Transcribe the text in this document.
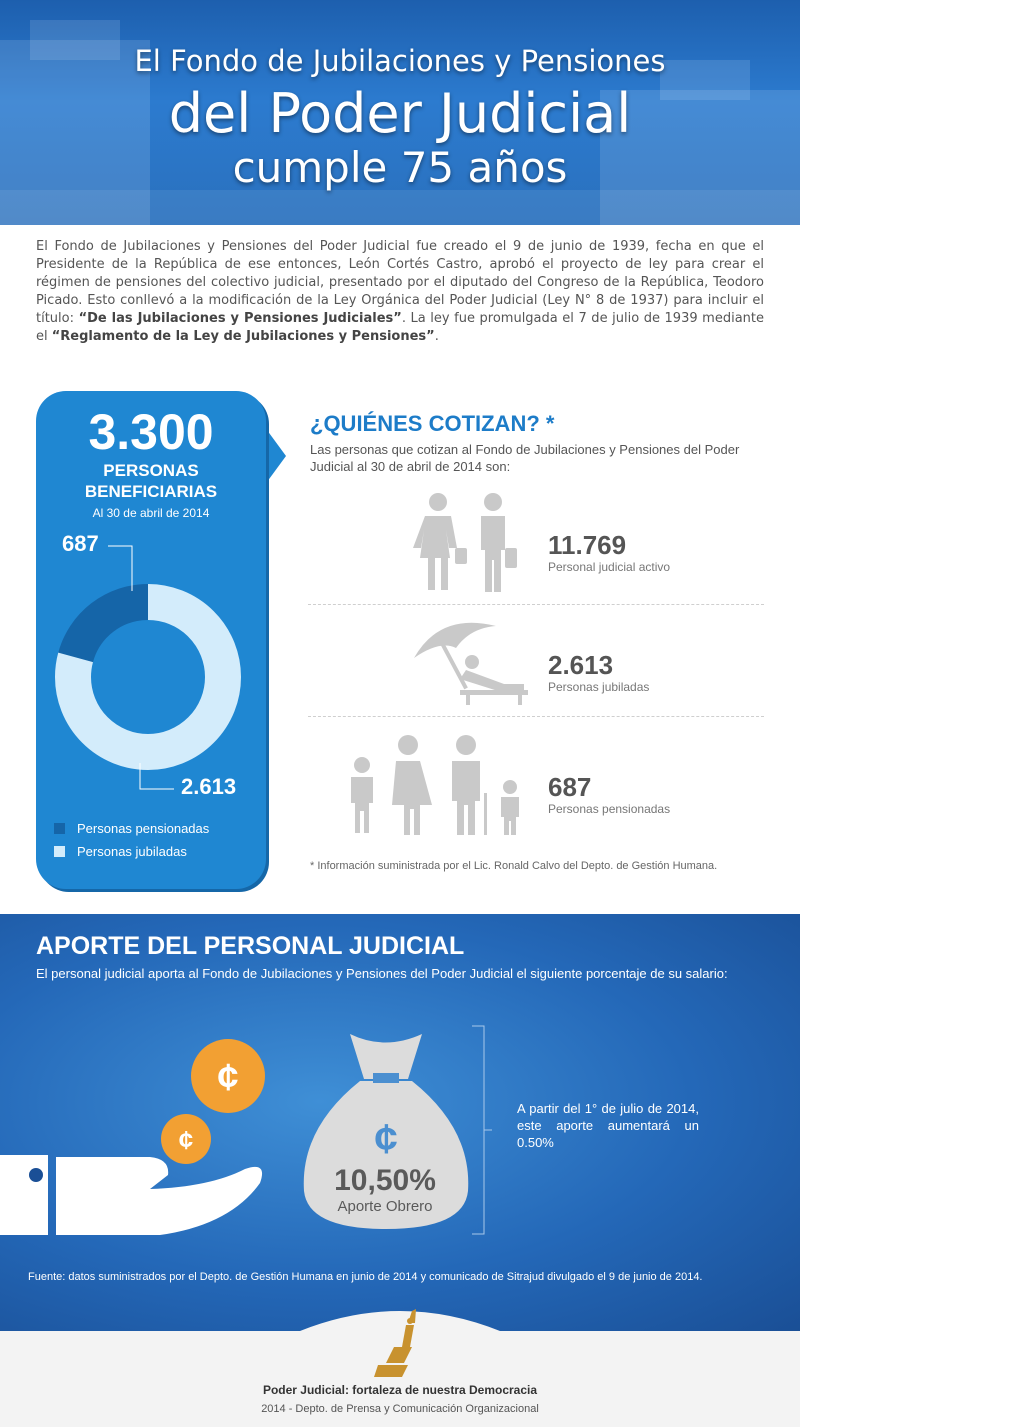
El Fondo de Jubilaciones y Pensiones
del Poder Judicial
cumple 75 años
El Fondo de Jubilaciones y Pensiones del Poder Judicial fue creado el 9 de junio de 1939, fecha en que el Presidente de la República de ese entonces, León Cortés Castro, aprobó el proyecto de ley para crear el régimen de pensiones del colectivo judicial, presentado por el diputado del Congreso de la República, Teodoro Picado. Esto conllevó a la modificación de la Ley Orgánica del Poder Judicial (Ley N° 8 de 1937) para incluir el título: “De las Jubilaciones y Pensiones Judiciales”. La ley fue promulgada el 7 de julio de 1939 mediante el “Reglamento de la Ley de Jubilaciones y Pensiones”.
3.300
PERSONAS
BENEFICIARIAS
Al 30 de abril de 2014
687
2.613
Personas pensionadas
Personas jubiladas
¿QUIÉNES COTIZAN? *
Las personas que cotizan al Fondo de Jubilaciones y Pensiones del Poder Judicial al 30 de abril de 2014 son:
11.769
Personal judicial activo
2.613
Personas jubiladas
687
Personas pensionadas
* Información suministrada por el Lic. Ronald Calvo del Depto. de Gestión Humana.
APORTE DEL PERSONAL JUDICIAL
El personal judicial aporta al Fondo de Jubilaciones y Pensiones del Poder Judicial el siguiente porcentaje de su salario:
¢
¢	¢
10,50%
Aporte Obrero
A partir del 1° de julio de 2014, este aporte aumentará un 0.50%
Fuente: datos suministrados por el Depto. de Gestión Humana en junio de 2014 y comunicado de Sitrajud divulgado el 9 de junio de 2014.
Poder Judicial: fortaleza de nuestra Democracia
2014 - Depto. de Prensa y Comunicación Organizacional
